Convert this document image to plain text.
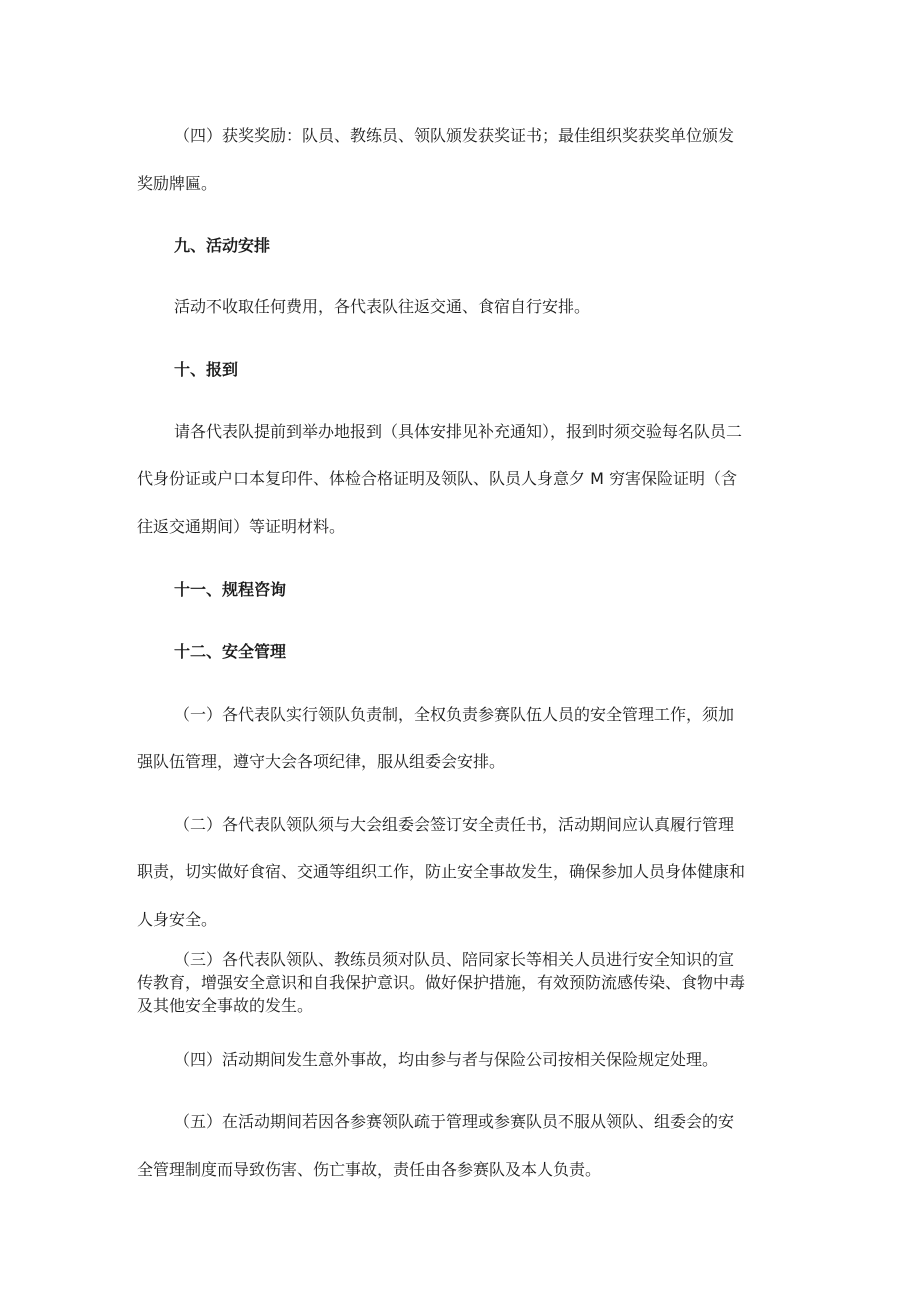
（四）获奖奖励：队员、教练员、领队颁发获奖证书；最佳组织奖获奖单位颁发

奖励牌匾。

九、活动安排

活动不收取任何费用，各代表队往返交通、食宿自行安排。

十、报到

请各代表队提前到举办地报到（具体安排见补充通知），报到时须交验每名队员二

代身份证或户口本复印件、体检合格证明及领队、队员人身意夕 M 穷害保险证明（含

往返交通期间）等证明材料。

十一、规程咨询

十二、安全管理

（一）各代表队实行领队负责制，全权负责参赛队伍人员的安全管理工作，须加

强队伍管理，遵守大会各项纪律，服从组委会安排。

（二）各代表队领队须与大会组委会签订安全责任书，活动期间应认真履行管理

职责，切实做好食宿、交通等组织工作，防止安全事故发生，确保参加人员身体健康和

人身安全。

（三）各代表队领队、教练员须对队员、陪同家长等相关人员进行安全知识的宣

传教育，增强安全意识和自我保护意识。做好保护措施，有效预防流感传染、食物中毒

及其他安全事故的发生。

（四）活动期间发生意外事故，均由参与者与保险公司按相关保险规定处理。

（五）在活动期间若因各参赛领队疏于管理或参赛队员不服从领队、组委会的安

全管理制度而导致伤害、伤亡事故，责任由各参赛队及本人负责。
